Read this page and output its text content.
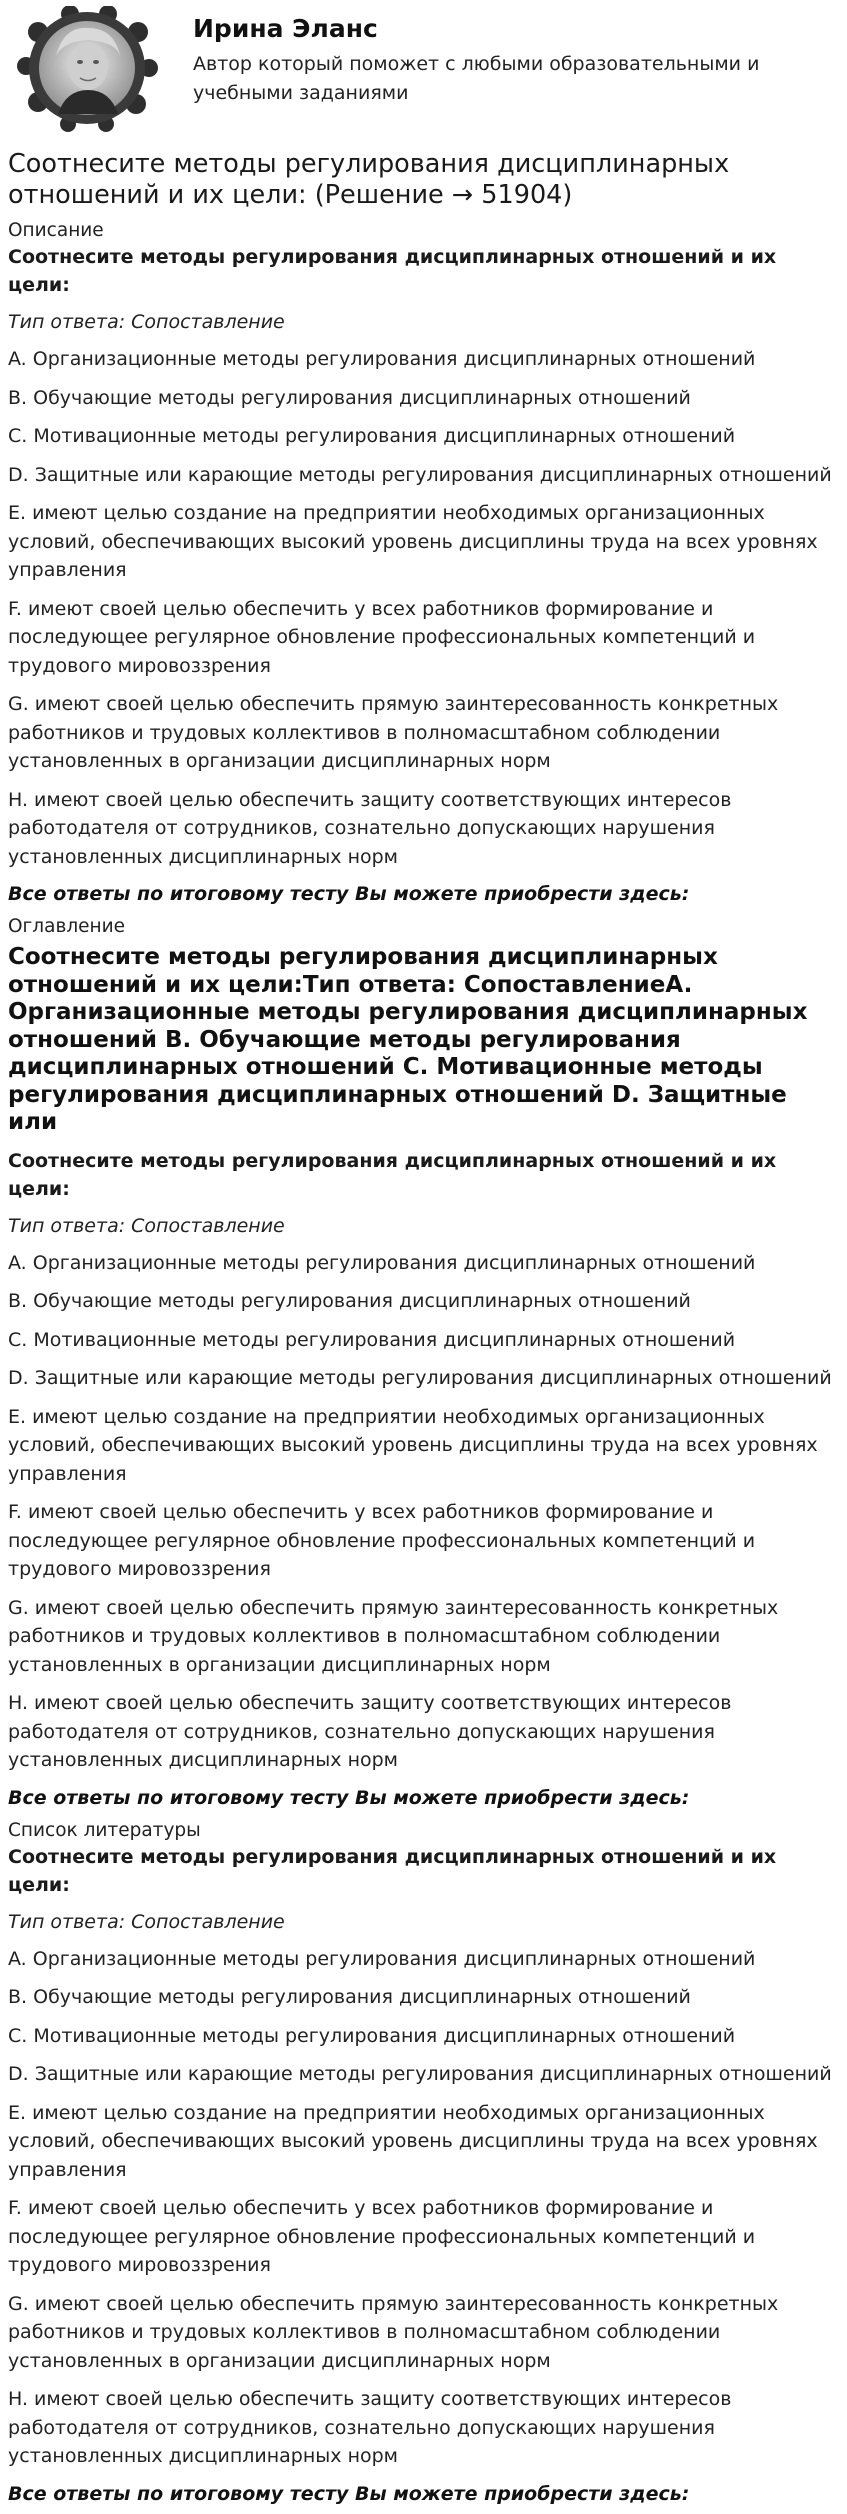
Ирина Эланс
Автор который поможет с любыми образовательными и учебными заданиями
Соотнесите методы регулирования дисциплинарных отношений и их цели: (Решение → 51904)
Описание
Соотнесите методы регулирования дисциплинарных отношений и их цели:
Тип ответа: Сопоставление
A. Организационные методы регулирования дисциплинарных отношений
B. Обучающие методы регулирования дисциплинарных отношений
C. Мотивационные методы регулирования дисциплинарных отношений
D. Защитные или карающие методы регулирования дисциплинарных отношений
E. имеют целью создание на предприятии необходимых организационных условий, обеспечивающих высокий уровень дисциплины труда на всех уровнях управления
F. имеют своей целью обеспечить у всех работников формирование и последующее регулярное обновление профессиональных компетенций и трудового мировоззрения
G. имеют своей целью обеспечить прямую заинтересованность конкретных работников и трудовых коллективов в полномасштабном соблюдении установленных в организации дисциплинарных норм
H. имеют своей целью обеспечить защиту соответствующих интересов работодателя от сотрудников, сознательно допускающих нарушения установленных дисциплинарных норм
Все ответы по итоговому тесту Вы можете приобрести здесь:
Оглавление
Соотнесите методы регулирования дисциплинарных отношений и их цели:Тип ответа: СопоставлениеA. Организационные методы регулирования дисциплинарных отношений B. Обучающие методы регулирования дисциплинарных отношений C. Мотивационные методы регулирования дисциплинарных отношений D. Защитные или
Соотнесите методы регулирования дисциплинарных отношений и их цели:
Тип ответа: Сопоставление
A. Организационные методы регулирования дисциплинарных отношений
B. Обучающие методы регулирования дисциплинарных отношений
C. Мотивационные методы регулирования дисциплинарных отношений
D. Защитные или карающие методы регулирования дисциплинарных отношений
E. имеют целью создание на предприятии необходимых организационных условий, обеспечивающих высокий уровень дисциплины труда на всех уровнях управления
F. имеют своей целью обеспечить у всех работников формирование и последующее регулярное обновление профессиональных компетенций и трудового мировоззрения
G. имеют своей целью обеспечить прямую заинтересованность конкретных работников и трудовых коллективов в полномасштабном соблюдении установленных в организации дисциплинарных норм
H. имеют своей целью обеспечить защиту соответствующих интересов работодателя от сотрудников, сознательно допускающих нарушения установленных дисциплинарных норм
Все ответы по итоговому тесту Вы можете приобрести здесь:
Список литературы
Соотнесите методы регулирования дисциплинарных отношений и их цели:
Тип ответа: Сопоставление
A. Организационные методы регулирования дисциплинарных отношений
B. Обучающие методы регулирования дисциплинарных отношений
C. Мотивационные методы регулирования дисциплинарных отношений
D. Защитные или карающие методы регулирования дисциплинарных отношений
E. имеют целью создание на предприятии необходимых организационных условий, обеспечивающих высокий уровень дисциплины труда на всех уровнях управления
F. имеют своей целью обеспечить у всех работников формирование и последующее регулярное обновление профессиональных компетенций и трудового мировоззрения
G. имеют своей целью обеспечить прямую заинтересованность конкретных работников и трудовых коллективов в полномасштабном соблюдении установленных в организации дисциплинарных норм
H. имеют своей целью обеспечить защиту соответствующих интересов работодателя от сотрудников, сознательно допускающих нарушения установленных дисциплинарных норм
Все ответы по итоговому тесту Вы можете приобрести здесь:
